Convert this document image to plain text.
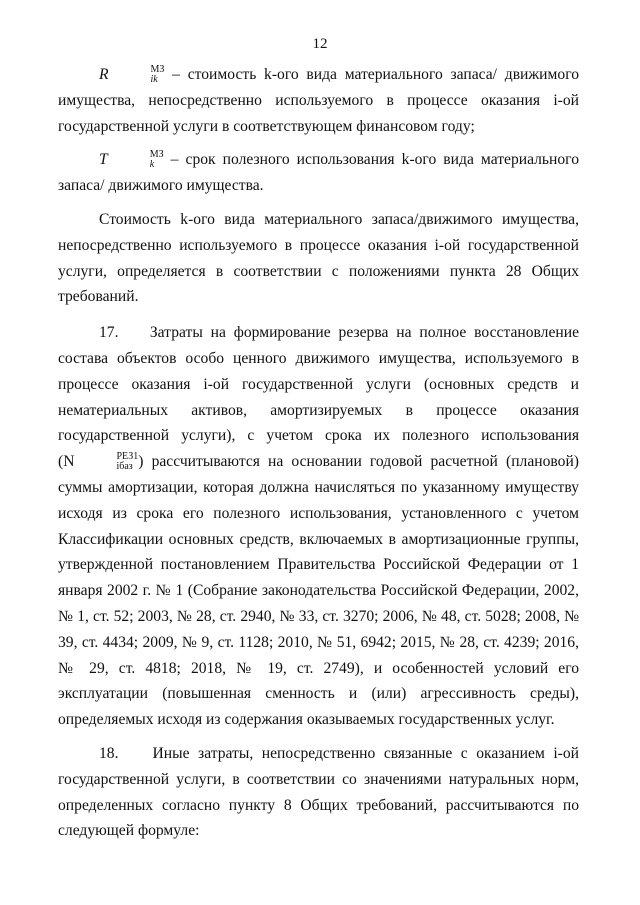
12

R	МЗ
ik – стоимость k-ого вида материального запаса/ движимого имущества, непосредственно используемого в процессе оказания i-ой государственной услуги в соответствующем финансовом году;

T	МЗ
k – срок полезного использования k-ого вида материального запаса/ движимого имущества.

Стоимость k-ого вида материального запаса/движимого имущества, непосредственно используемого в процессе оказания i-ой государственной услуги, определяется в соответствии с положениями пункта 28 Общих требований.

17.    Затраты на формирование резерва на полное восстановление состава объектов особо ценного движимого имущества, используемого в процессе оказания i-ой государственной услуги (основных средств и нематериальных активов, амортизируемых в процессе оказания государственной услуги), с учетом срока их полезного использования (N	РЕЗ1
iбаз ) рассчитываются на основании годовой расчетной (плановой) суммы амортизации, которая должна начисляться по указанному имуществу исходя из срока его полезного использования, установленного с учетом Классификации основных средств, включаемых в амортизационные группы, утвержденной постановлением Правительства Российской Федерации от 1 января 2002 г. № 1 (Собрание законодательства Российской Федерации, 2002, № 1, ст. 52; 2003, № 28, ст. 2940, № 33, ст. 3270; 2006, № 48, ст. 5028; 2008, № 39, ст. 4434; 2009, № 9, ст. 1128; 2010, № 51, 6942; 2015, № 28, ст. 4239; 2016, № 29, ст. 4818; 2018, № 19, ст. 2749), и особенностей условий его эксплуатации (повышенная сменность и (или) агрессивность среды), определяемых исходя из содержания оказываемых государственных услуг.

18.    Иные затраты, непосредственно связанные с оказанием i-ой государственной услуги, в соответствии со значениями натуральных норм, определенных согласно пункту 8 Общих требований, рассчитываются по следующей формуле:
